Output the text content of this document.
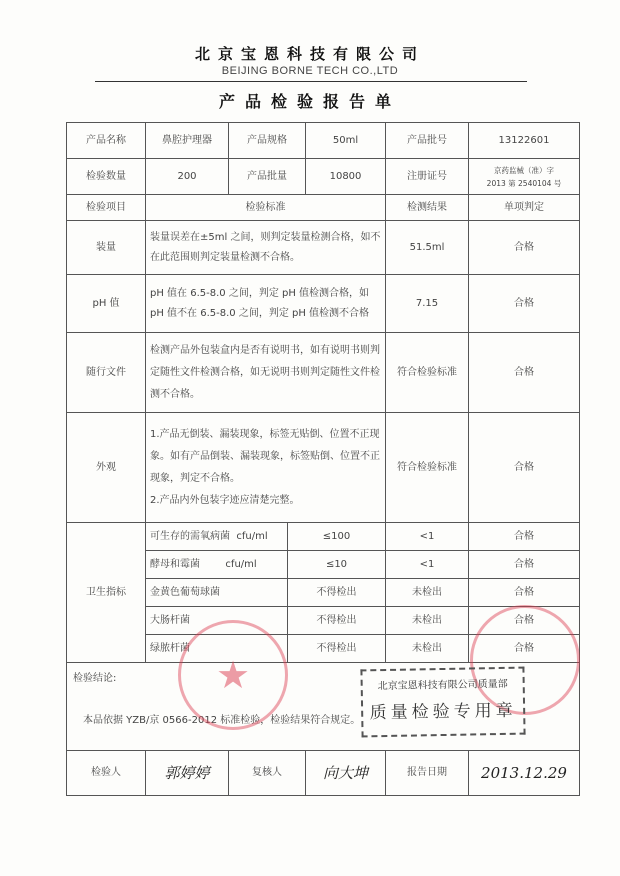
北京宝恩科技有限公司
BEIJING BORNE TECH CO.,LTD
产品检验报告单
产品名称	鼻腔护理器	产品规格		50ml	产品批号	13122601
检验数量	200	产品批量		10800	注册证号	京药监械（准）字
2013 第 2540104 号

检验项目	检验标准				检测结果	单项判定
装量	装量误差在±5ml 之间，则判定装量检测合格，如不在此范围则判定装量检测不合格。				51.5ml	合格
pH 值	pH 值在 6.5-8.0 之间，判定 pH 值检测合格，如 pH 值不在 6.5-8.0 之间，判定 pH 值检测不合格				7.15	合格
随行文件	检测产品外包装盒内是否有说明书，如有说明书则判定随性文件检测合格，如无说明书则判定随性文件检测不合格。				符合检验标准	合格
外观	1.产品无倒装、漏装现象，标签无贴倒、位置不正现象。如有产品倒装、漏装现象，标签贴倒、位置不正现象，判定不合格。
2.产品内外包装字迹应清楚完整。				符合检验标准	合格
卫生指标	可生存的需氧病菌  cfu/ml		≤100		<1	合格
	酵母和霉菌        cfu/ml		≤10		<1	合格
	金黄色葡萄球菌		不得检出		未检出	合格
	大肠杆菌		不得检出		未检出	合格
	绿脓杆菌		不得检出		未检出	合格

检验结论:
本品依据 YZB/京 0566-2012 标准检验，检验结果符合规定。						

检验人	郭婷婷	复核人		向大坤	报告日期	2013.12.29
★	北京宝恩科技有限公司质量部
质量检验专用章
